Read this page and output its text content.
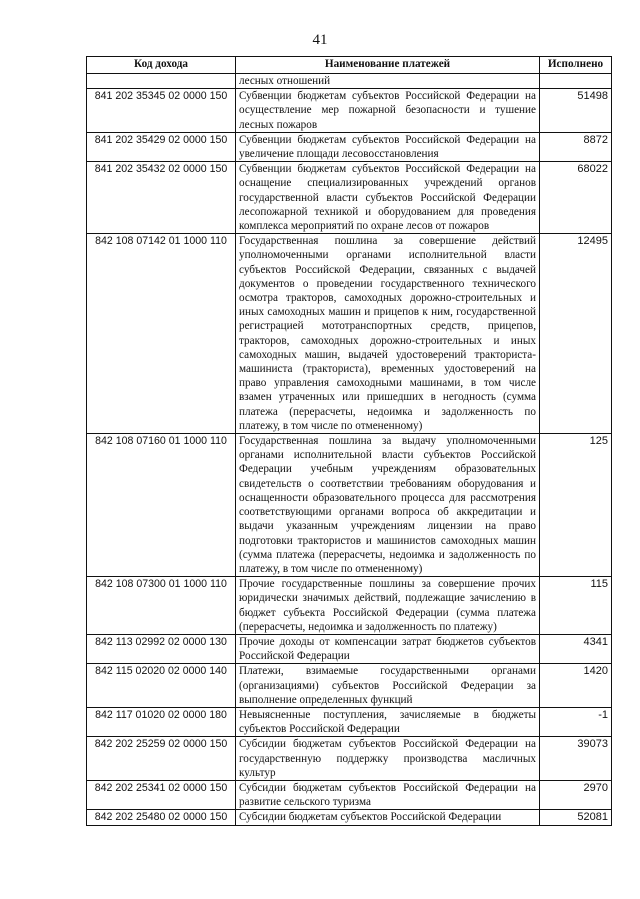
41
Код дохода	Наименование платежей	Исполнено
	лесных отношений	
841 202 35345 02 0000 150	Субвенции бюджетам субъектов Российской Федерации на осуществление мер пожарной безопасности и тушение лесных пожаров	51498
841 202 35429 02 0000 150	Субвенции бюджетам субъектов Российской Федерации на увеличение площади лесовосстановления	8872
841 202 35432 02 0000 150	Субвенции бюджетам субъектов Российской Федерации на оснащение специализированных учреждений органов государственной власти субъектов Российской Федерации лесопожарной техникой и оборудованием для проведения комплекса мероприятий по охране лесов от пожаров	68022
842 108 07142 01 1000 110	Государственная пошлина за совершение действий уполномоченными органами исполнительной власти субъектов Российской Федерации, связанных с выдачей документов о проведении государственного технического осмотра тракторов, самоходных дорожно-строительных и иных самоходных машин и прицепов к ним, государственной регистрацией мототранспортных средств, прицепов, тракторов, самоходных дорожно-строительных и иных самоходных машин, выдачей удостоверений тракториста-машиниста (тракториста), временных удостоверений на право управления самоходными машинами, в том числе взамен утраченных или пришедших в негодность (сумма платежа (перерасчеты, недоимка и задолженность по платежу, в том числе по отмененному)	12495
842 108 07160 01 1000 110	Государственная пошлина за выдачу уполномоченными органами исполнительной власти субъектов Российской Федерации учебным учреждениям образовательных свидетельств о соответствии требованиям оборудования и оснащенности образовательного процесса для рассмотрения соответствующими органами вопроса об аккредитации и выдачи указанным учреждениям лицензии на право подготовки трактористов и машинистов самоходных машин (сумма платежа (перерасчеты, недоимка и задолженность по платежу, в том числе по отмененному)	125
842 108 07300 01 1000 110	Прочие государственные пошлины за совершение прочих юридически значимых действий, подлежащие зачислению в бюджет субъекта Российской Федерации (сумма платежа (перерасчеты, недоимка и задолженность по платежу)	115
842 113 02992 02 0000 130	Прочие доходы от компенсации затрат бюджетов субъектов Российской Федерации	4341
842 115 02020 02 0000 140	Платежи, взимаемые государственными органами (организациями) субъектов Российской Федерации за выполнение определенных функций	1420
842 117 01020 02 0000 180	Невыясненные поступления, зачисляемые в бюджеты субъектов Российской Федерации	-1
842 202 25259 02 0000 150	Субсидии бюджетам субъектов Российской Федерации на государственную поддержку производства масличных культур	39073
842 202 25341 02 0000 150	Субсидии бюджетам субъектов Российской Федерации на развитие сельского туризма	2970
842 202 25480 02 0000 150	Субсидии бюджетам субъектов Российской Федерации	52081
